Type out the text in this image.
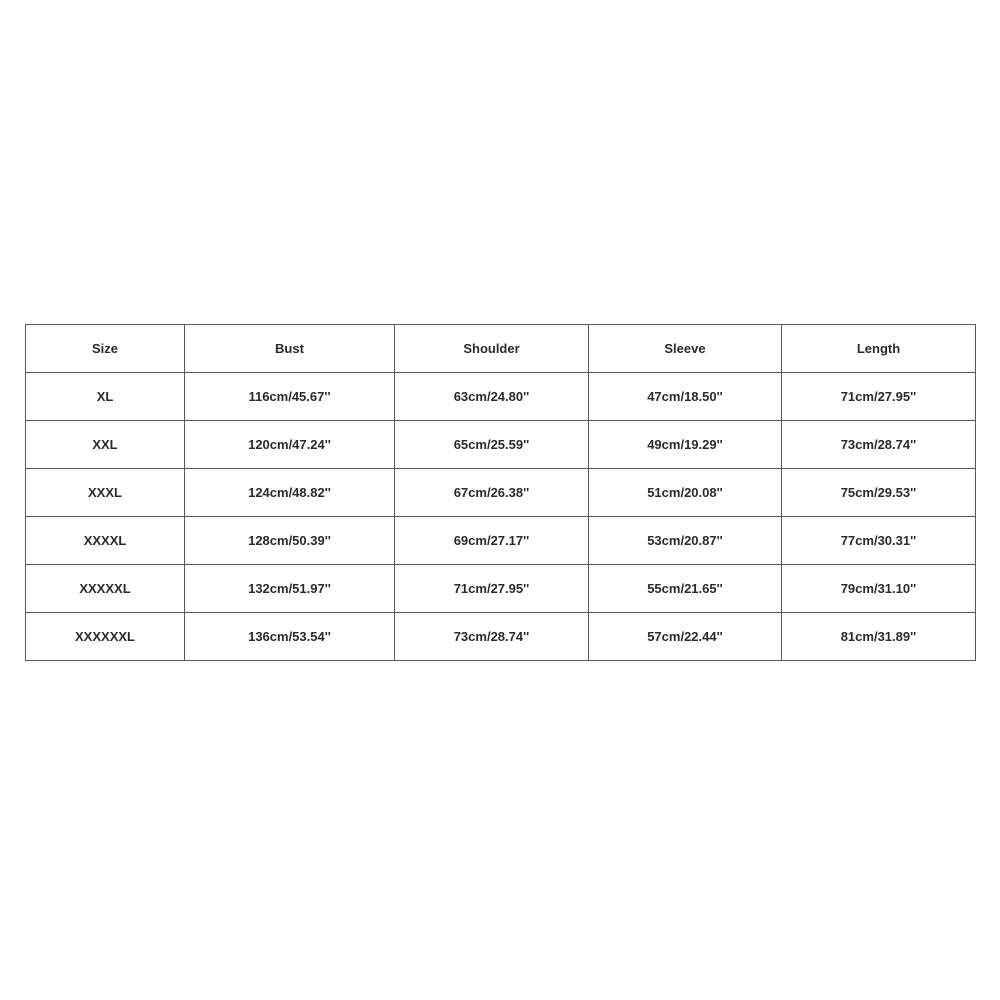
Size	Bust	Shoulder	Sleeve	Length
XL	116cm/45.67''	63cm/24.80''	47cm/18.50''	71cm/27.95''
XXL	120cm/47.24''	65cm/25.59''	49cm/19.29''	73cm/28.74''
XXXL	124cm/48.82''	67cm/26.38''	51cm/20.08''	75cm/29.53''
XXXXL	128cm/50.39''	69cm/27.17''	53cm/20.87''	77cm/30.31''
XXXXXL	132cm/51.97''	71cm/27.95''	55cm/21.65''	79cm/31.10''
XXXXXXL	136cm/53.54''	73cm/28.74''	57cm/22.44''	81cm/31.89''
